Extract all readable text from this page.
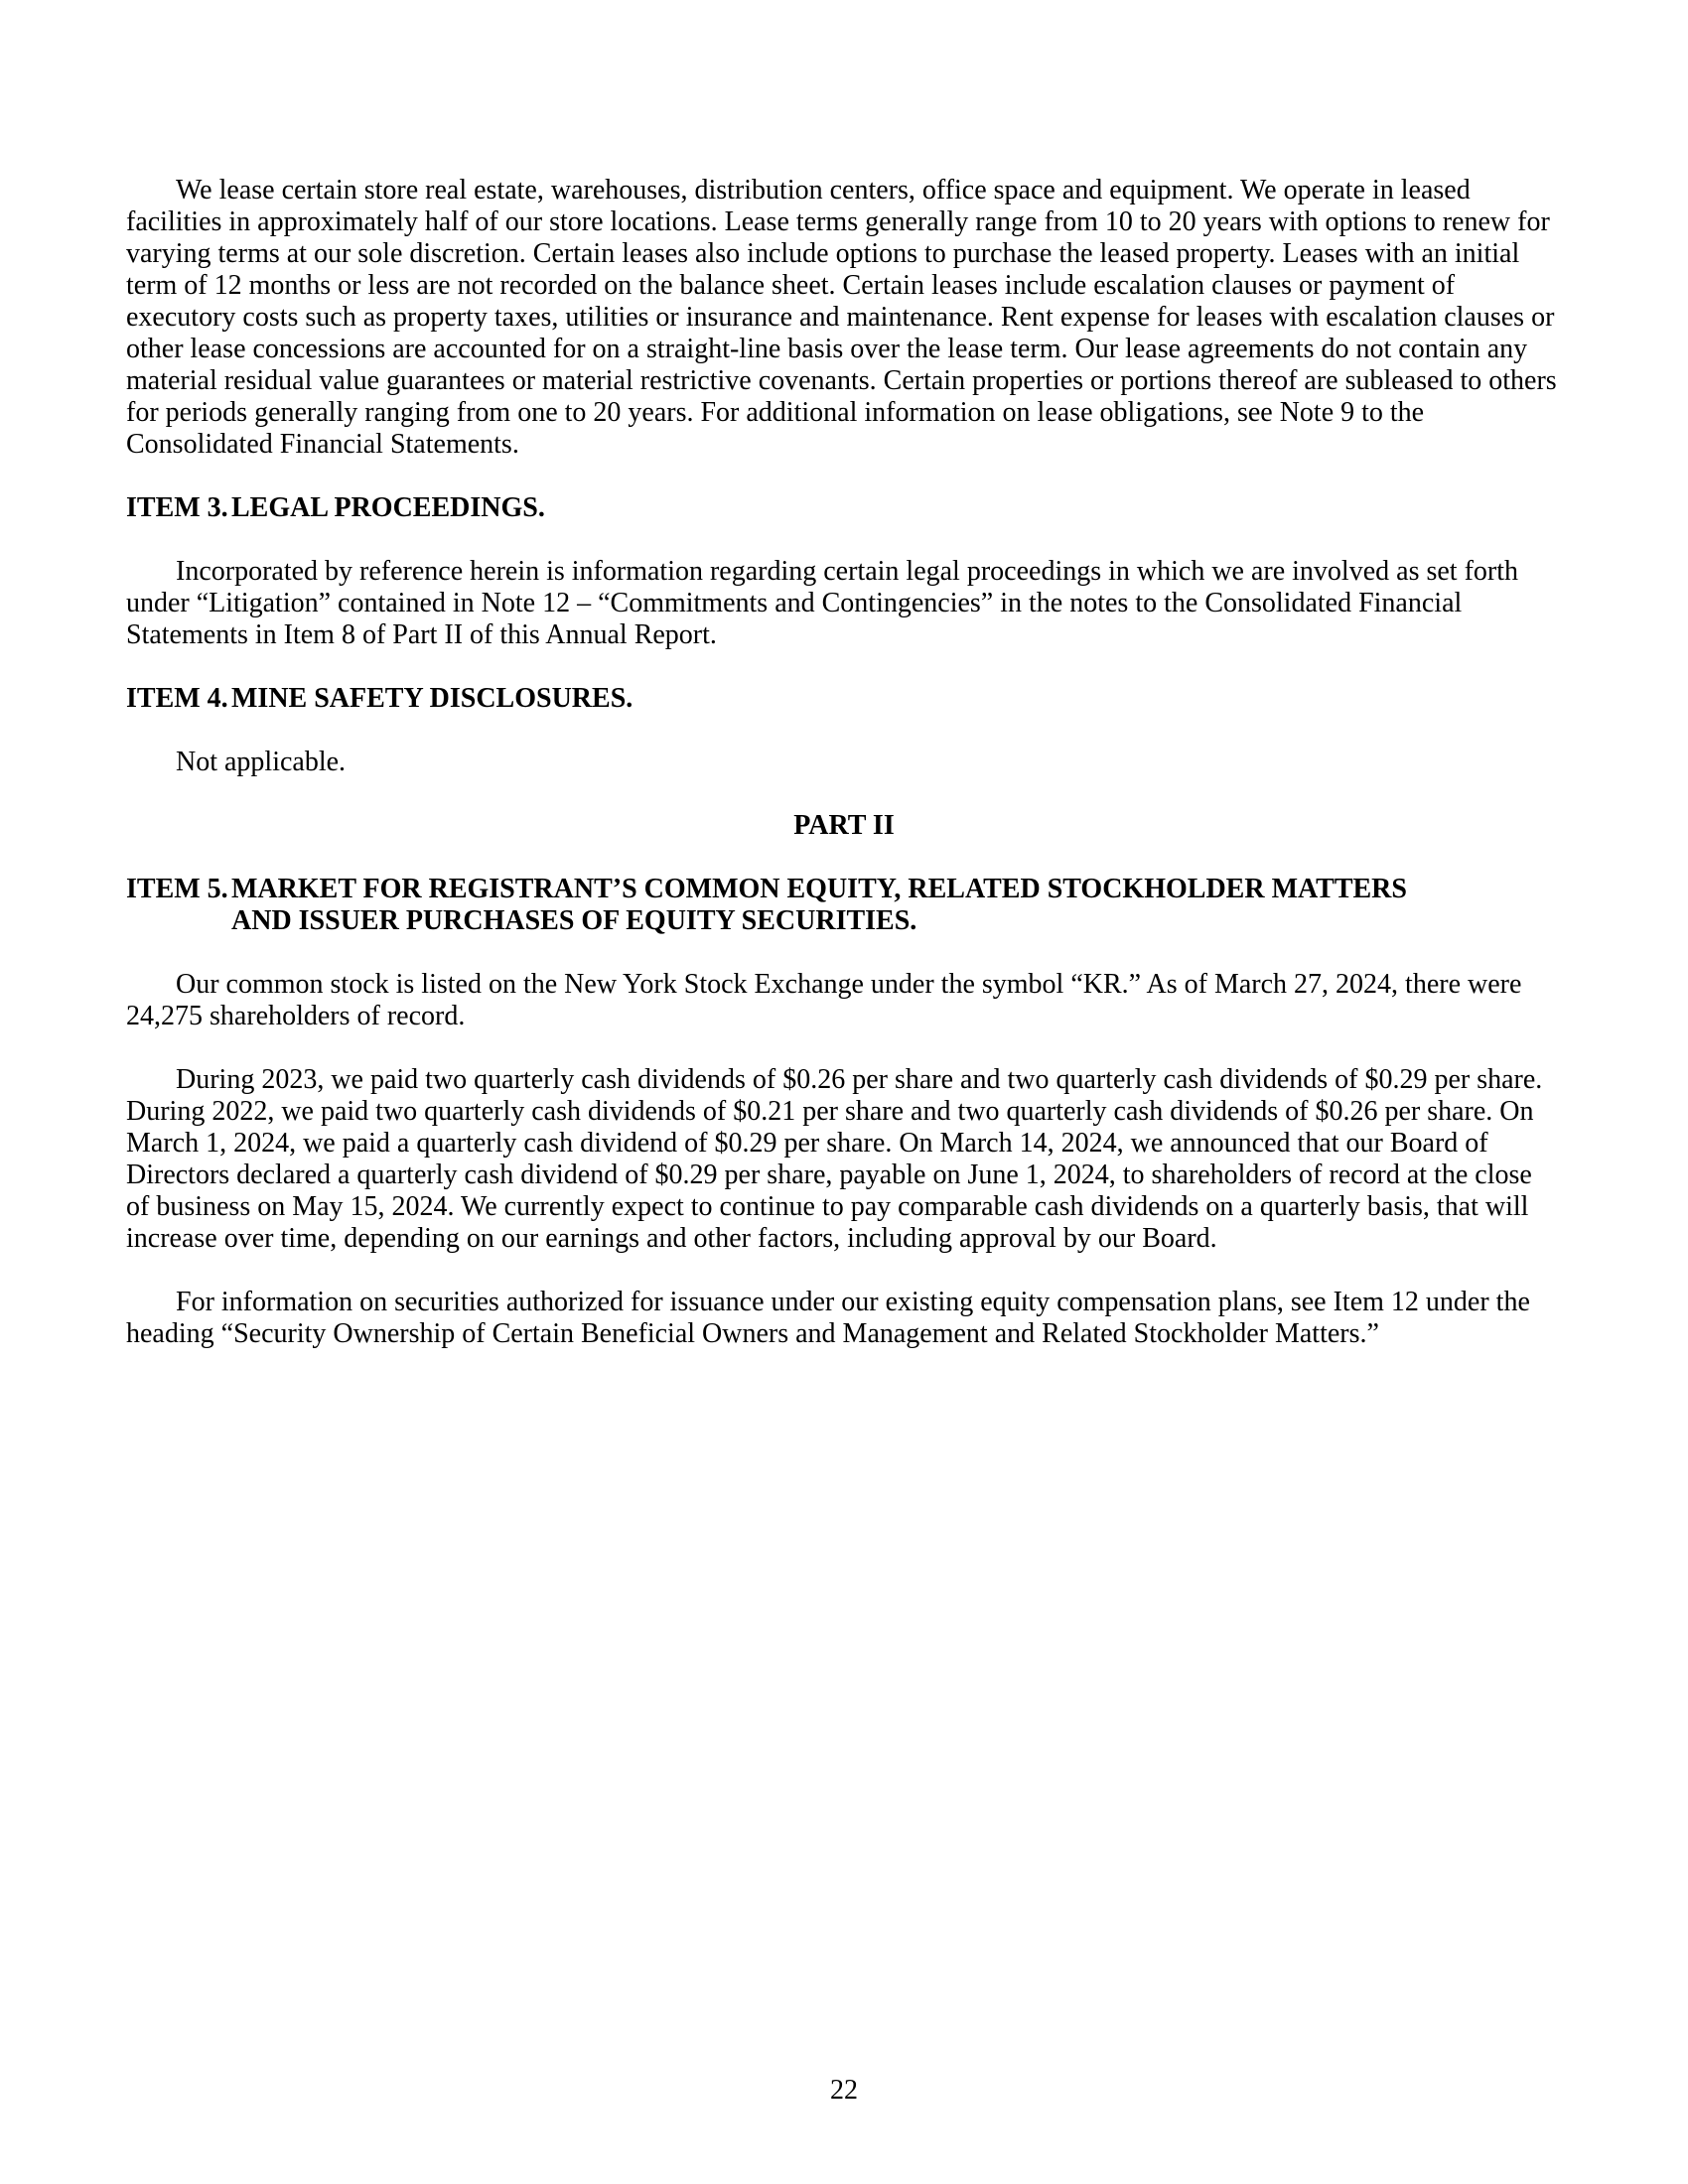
We lease certain store real estate, warehouses, distribution centers, office space and equipment. We operate in leased facilities in approximately half of our store locations. Lease terms generally range from 10 to 20 years with options to renew for varying terms at our sole discretion. Certain leases also include options to purchase the leased property. Leases with an initial term of 12 months or less are not recorded on the balance sheet. Certain leases include escalation clauses or payment of executory costs such as property taxes, utilities or insurance and maintenance. Rent expense for leases with escalation clauses or other lease concessions are accounted for on a straight-line basis over the lease term. Our lease agreements do not contain any material residual value guarantees or material restrictive covenants. Certain properties or portions thereof are subleased to others for periods generally ranging from one to 20 years. For additional information on lease obligations, see Note 9 to the Consolidated Financial Statements.

ITEM 3. LEGAL PROCEEDINGS.

Incorporated by reference herein is information regarding certain legal proceedings in which we are involved as set forth under “Litigation” contained in Note 12 – “Commitments and Contingencies” in the notes to the Consolidated Financial Statements in Item 8 of Part II of this Annual Report.

ITEM 4. MINE SAFETY DISCLOSURES.

Not applicable.

PART II
ITEM 5. MARKET FOR REGISTRANT’S COMMON EQUITY, RELATED STOCKHOLDER MATTERS
AND ISSUER PURCHASES OF EQUITY SECURITIES.

Our common stock is listed on the New York Stock Exchange under the symbol “KR.” As of March 27, 2024, there were 24,275 shareholders of record.

During 2023, we paid two quarterly cash dividends of $0.26 per share and two quarterly cash dividends of $0.29 per share. During 2022, we paid two quarterly cash dividends of $0.21 per share and two quarterly cash dividends of $0.26 per share. On March 1, 2024, we paid a quarterly cash dividend of $0.29 per share. On March 14, 2024, we announced that our Board of Directors declared a quarterly cash dividend of $0.29 per share, payable on June 1, 2024, to shareholders of record at the close of business on May 15, 2024. We currently expect to continue to pay comparable cash dividends on a quarterly basis, that will increase over time, depending on our earnings and other factors, including approval by our Board.

For information on securities authorized for issuance under our existing equity compensation plans, see Item 12 under the heading “Security Ownership of Certain Beneficial Owners and Management and Related Stockholder Matters.”

22
